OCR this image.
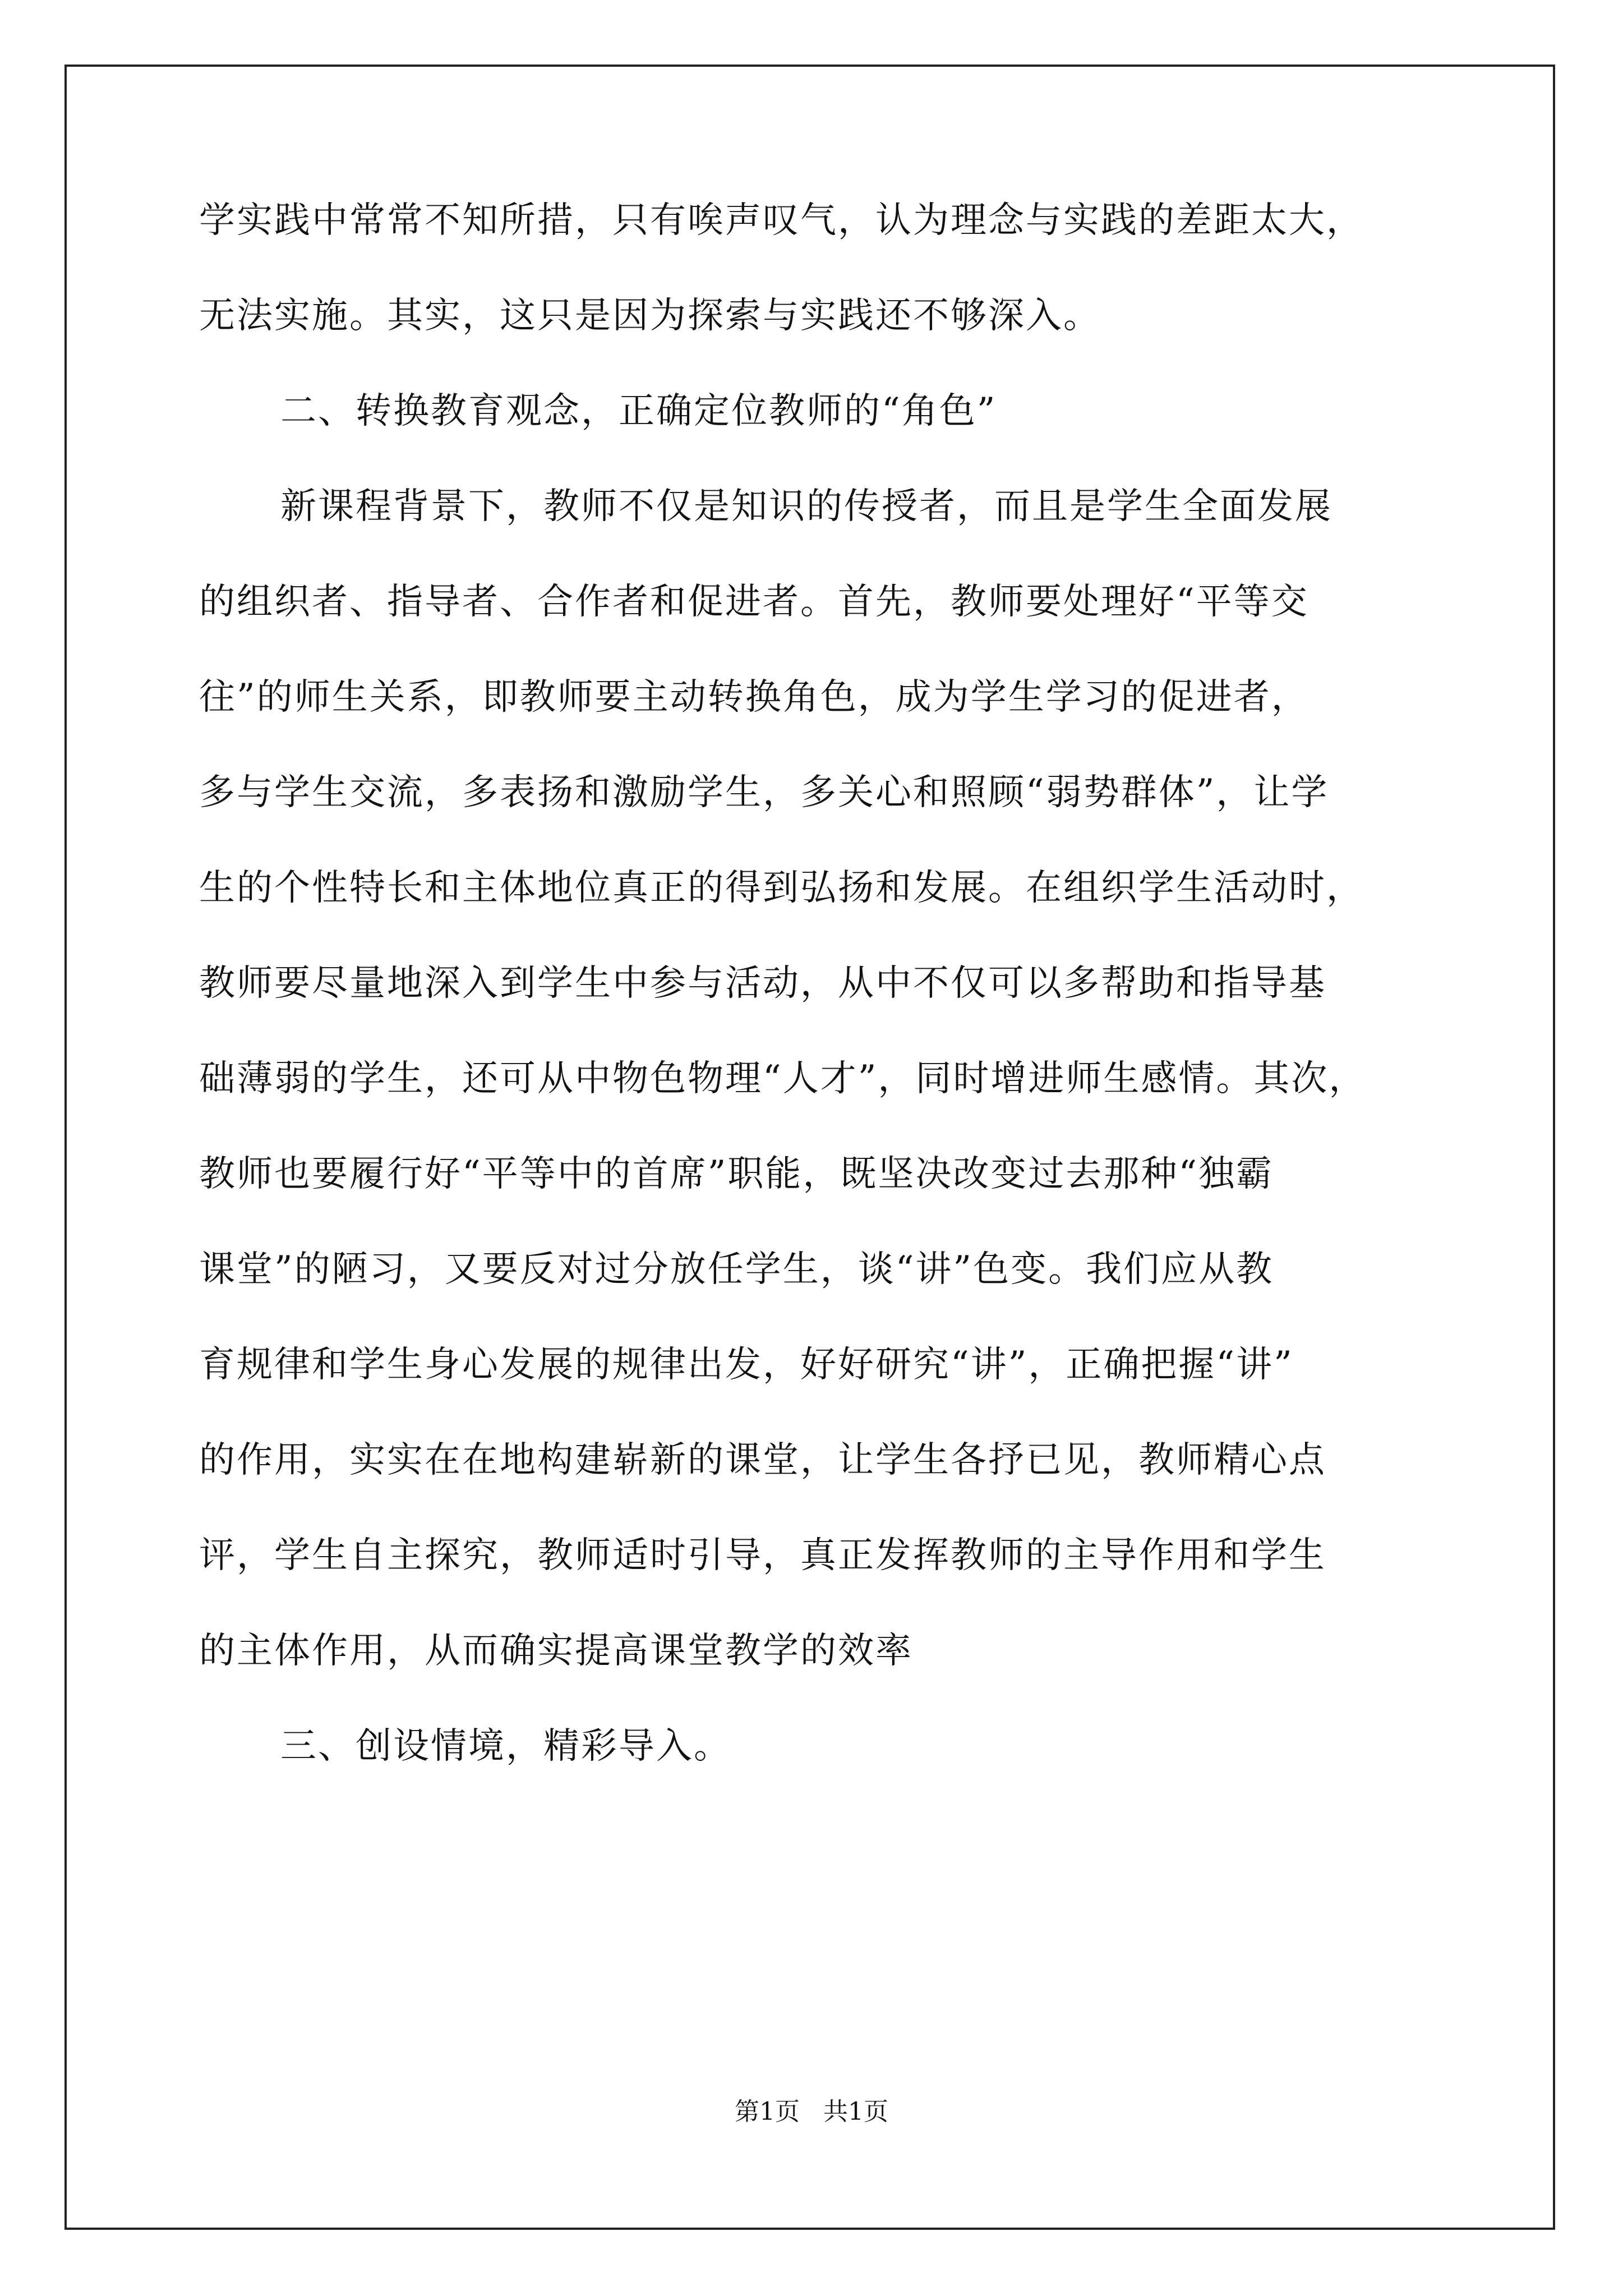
学实践中常常不知所措，只有唉声叹气，认为理念与实践的差距太大，

无法实施。其实，这只是因为探索与实践还不够深入。

二、转换教育观念，正确定位教师的“角色”

新课程背景下，教师不仅是知识的传授者，而且是学生全面发展

的组织者、指导者、合作者和促进者。首先，教师要处理好“平等交

往”的师生关系，即教师要主动转换角色，成为学生学习的促进者，

多与学生交流，多表扬和激励学生，多关心和照顾“弱势群体”，让学

生的个性特长和主体地位真正的得到弘扬和发展。在组织学生活动时，

教师要尽量地深入到学生中参与活动，从中不仅可以多帮助和指导基

础薄弱的学生，还可从中物色物理“人才”，同时增进师生感情。其次，

教师也要履行好“平等中的首席”职能，既坚决改变过去那种“独霸

课堂”的陋习，又要反对过分放任学生，谈“讲”色变。我们应从教

育规律和学生身心发展的规律出发，好好研究“讲”，正确把握“讲”

的作用，实实在在地构建崭新的课堂，让学生各抒已见，教师精心点

评，学生自主探究，教师适时引导，真正发挥教师的主导作用和学生

的主体作用，从而确实提高课堂教学的效率

三、创设情境，精彩导入。

第1页   共1页
